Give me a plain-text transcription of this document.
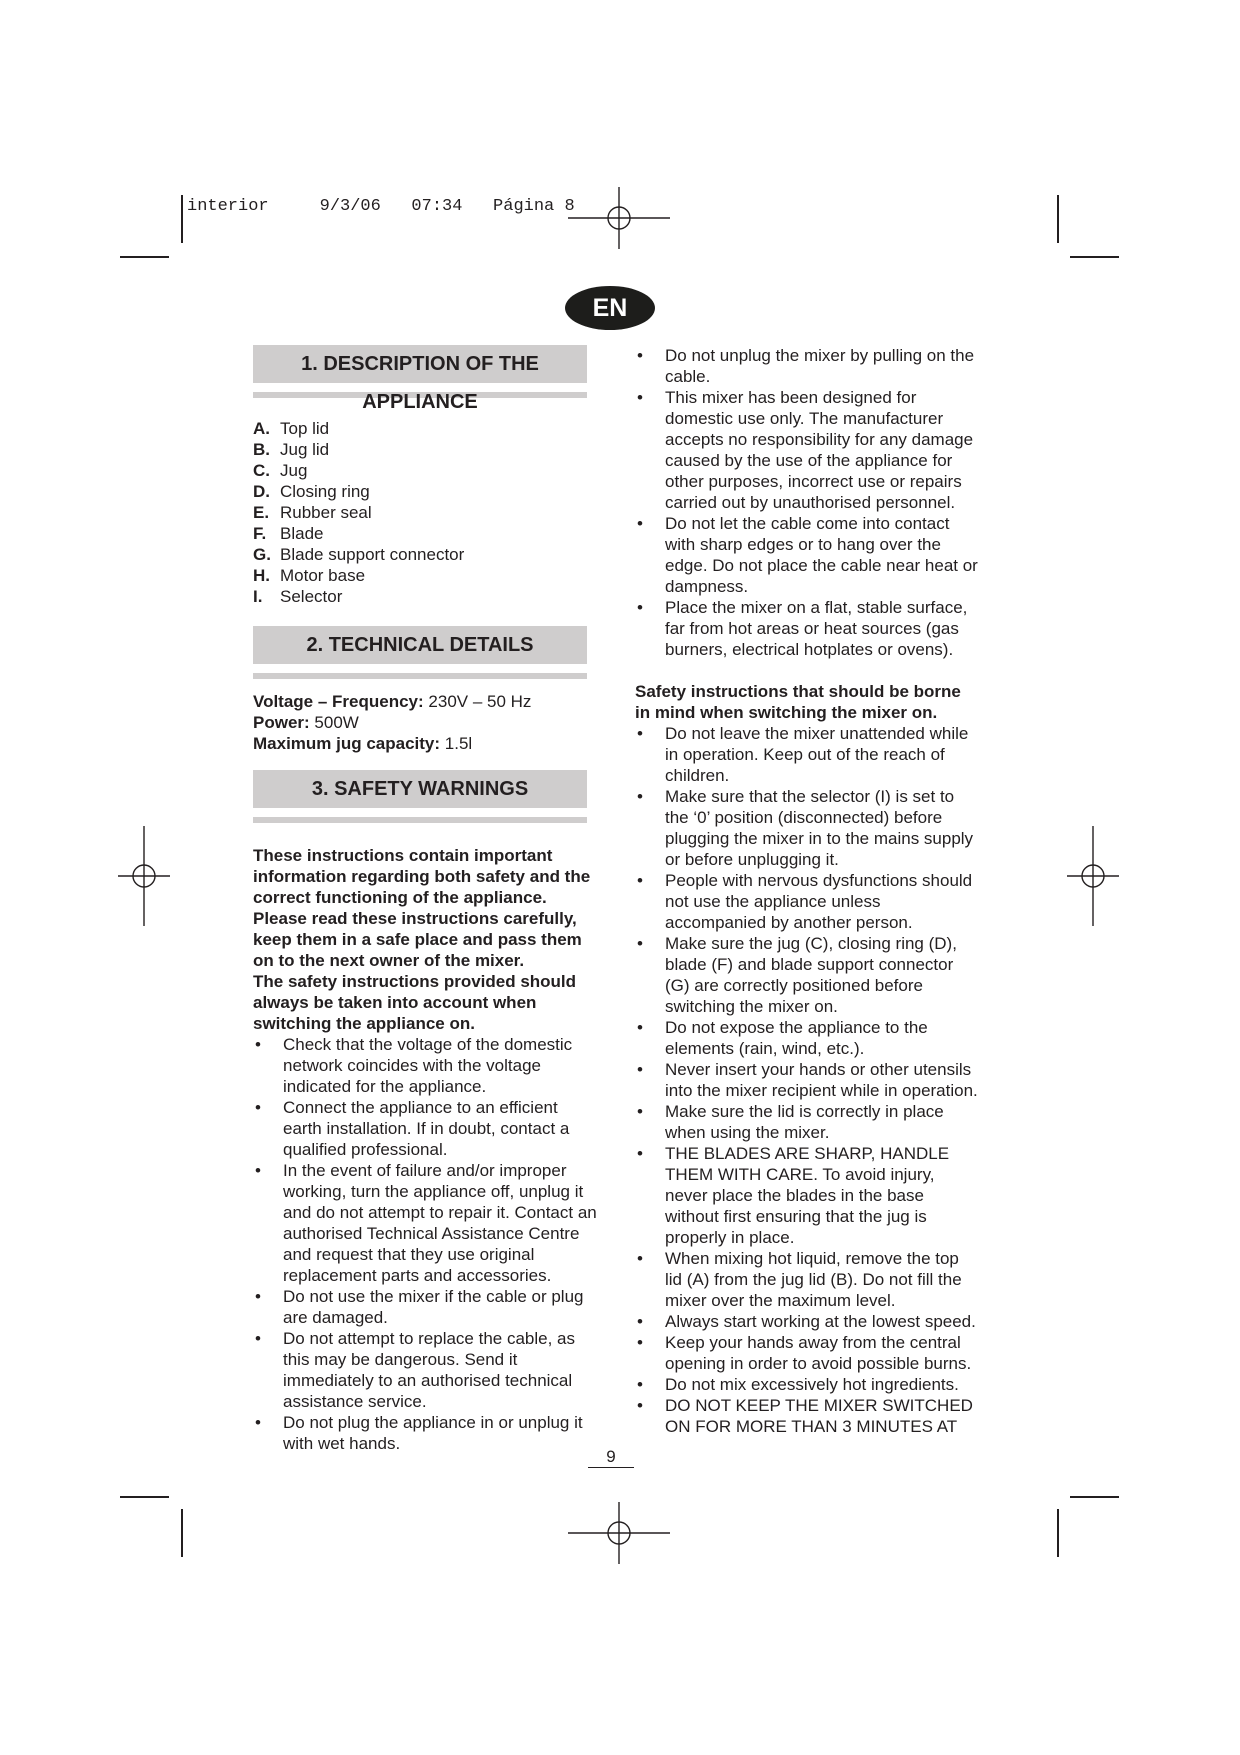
interior     9/3/06   07:34   Página 8
EN
1. DESCRIPTION OF THE APPLIANCE
A. Top lid
B. Jug lid
C. Jug
D. Closing ring
E. Rubber seal
F. Blade
G. Blade support connector
H. Motor base
I.	Selector
2. TECHNICAL DETAILS

Voltage – Frequency: 230V – 50 Hz

Power: 500W

Maximum jug capacity: 1.5l

3. SAFETY WARNINGS
These instructions contain important information regarding both safety and the correct functioning of the appliance. Please read these instructions carefully, keep them in a safe place and pass them on to the next owner of the mixer.
The safety instructions provided should always be taken into account when switching the appliance on.
• Check that the voltage of the domestic network coincides with the voltage indicated for the appliance.
• Connect the appliance to an efficient earth installation. If in doubt, contact a qualified professional.
• In the event of failure and/or improper working, turn the appliance off, unplug it and do not attempt to repair it. Contact an authorised Technical Assistance Centre and request that they use original replacement parts and accessories.
• Do not use the mixer if the cable or plug are damaged.
• Do not attempt to replace the cable, as this may be dangerous. Send it immediately to an authorised technical assistance service.
• Do not plug the appliance in or unplug it with wet hands.
• Do not unplug the mixer by pulling on the cable.
• This mixer has been designed for domestic use only. The manufacturer accepts no responsibility for any damage caused by the use of the appliance for other purposes, incorrect use or repairs carried out by unauthorised personnel.
• Do not let the cable come into contact with sharp edges or to hang over the edge. Do not place the cable near heat or dampness.
• Place the mixer on a flat, stable surface, far from hot areas or heat sources (gas burners, electrical hotplates or ovens).
Safety instructions that should be borne in mind when switching the mixer on.
• Do not leave the mixer unattended while in operation. Keep out of the reach of children.
• Make sure that the selector (I) is set to the ‘0’ position (disconnected) before plugging the mixer in to the mains supply or before unplugging it.
• People with nervous dysfunctions should not use the appliance unless accompanied by another person.
• Make sure the jug (C), closing ring (D), blade (F) and blade support connector (G) are correctly positioned before switching the mixer on.
• Do not expose the appliance to the elements (rain, wind, etc.).
• Never insert your hands or other utensils into the mixer recipient while in operation.
• Make sure the lid is correctly in place when using the mixer.
• THE BLADES ARE SHARP, HANDLE THEM WITH CARE. To avoid injury, never place the blades in the base without first ensuring that the jug is properly in place.
• When mixing hot liquid, remove the top lid (A) from the jug lid (B). Do not fill the mixer over the maximum level.
• Always start working at the lowest speed.
• Keep your hands away from the central opening in order to avoid possible burns.
• Do not mix excessively hot ingredients.
• DO NOT KEEP THE MIXER SWITCHED ON FOR MORE THAN 3 MINUTES AT
9
